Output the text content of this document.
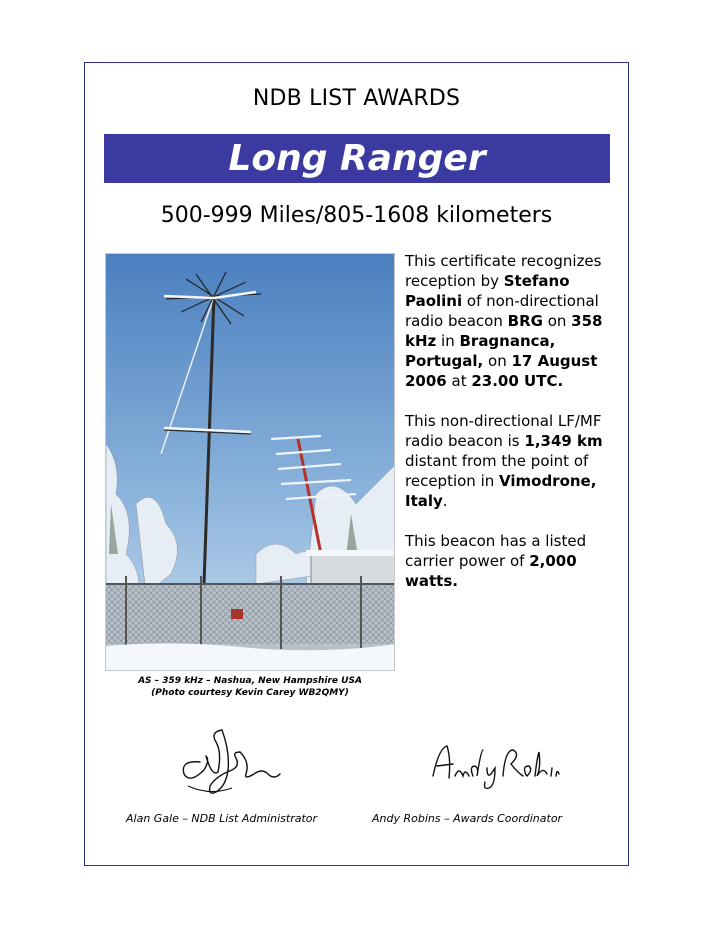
NDB LIST AWARDS
Long Ranger
500-999 Miles/805-1608 kilometers
AS – 359 kHz – Nashua, New Hampshire USA
(Photo courtesy Kevin Carey WB2QMY)

This certificate recognizes reception by Stefano Paolini of non-directional radio beacon BRG on 358 kHz in Bragnanca, Portugal, on 17 August 2006 at 23.00 UTC.

This non-directional LF/MF radio beacon is 1,349 km distant from the point of reception in Vimodrone, Italy.

This beacon has a listed carrier power of 2,000 watts.

Alan Gale – NDB List Administrator	Andy Robins – Awards Coordinator
